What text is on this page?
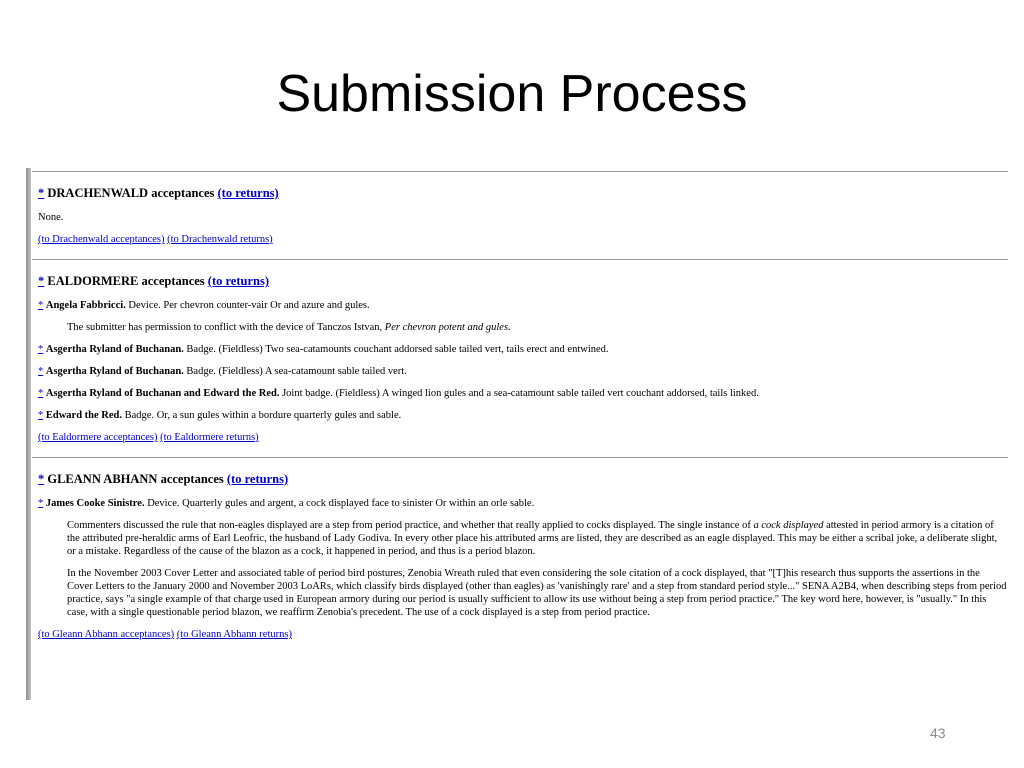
Submission Process
* DRACHENWALD acceptances (to returns)

None.

(to Drachenwald acceptances) (to Drachenwald returns)

* EALDORMERE acceptances (to returns)

* Angela Fabbricci. Device. Per chevron counter-vair Or and azure and gules.

The submitter has permission to conflict with the device of Tanczos Istvan, Per chevron potent and gules.

* Asgertha Ryland of Buchanan. Badge. (Fieldless) Two sea-catamounts couchant addorsed sable tailed vert, tails erect and entwined.

* Asgertha Ryland of Buchanan. Badge. (Fieldless) A sea-catamount sable tailed vert.

* Asgertha Ryland of Buchanan and Edward the Red. Joint badge. (Fieldless) A winged lion gules and a sea-catamount sable tailed vert couchant addorsed, tails linked.

* Edward the Red. Badge. Or, a sun gules within a bordure quarterly gules and sable.

(to Ealdormere acceptances) (to Ealdormere returns)

* GLEANN ABHANN acceptances (to returns)

* James Cooke Sinistre. Device. Quarterly gules and argent, a cock displayed face to sinister Or within an orle sable.

Commenters discussed the rule that non-eagles displayed are a step from period practice, and whether that really applied to cocks displayed. The single instance of a cock displayed attested in period armory is a citation of the attributed pre-heraldic arms of Earl Leofric, the husband of Lady Godiva. In every other place his attributed arms are listed, they are described as an eagle displayed. This may be either a scribal joke, a deliberate slight, or a mistake. Regardless of the cause of the blazon as a cock, it happened in period, and thus is a period blazon.

In the November 2003 Cover Letter and associated table of period bird postures, Zenobia Wreath ruled that even considering the sole citation of a cock displayed, that "[T]his research thus supports the assertions in the Cover Letters to the January 2000 and November 2003 LoARs, which classify birds displayed (other than eagles) as 'vanishingly rare' and a step from standard period style..." SENA A2B4, when describing steps from period practice, says "a single example of that charge used in European armory during our period is usually sufficient to allow its use without being a step from period practice." The key word here, however, is "usually." In this case, with a single questionable period blazon, we reaffirm Zenobia's precedent. The use of a cock displayed is a step from period practice.

(to Gleann Abhann acceptances) (to Gleann Abhann returns)

43
